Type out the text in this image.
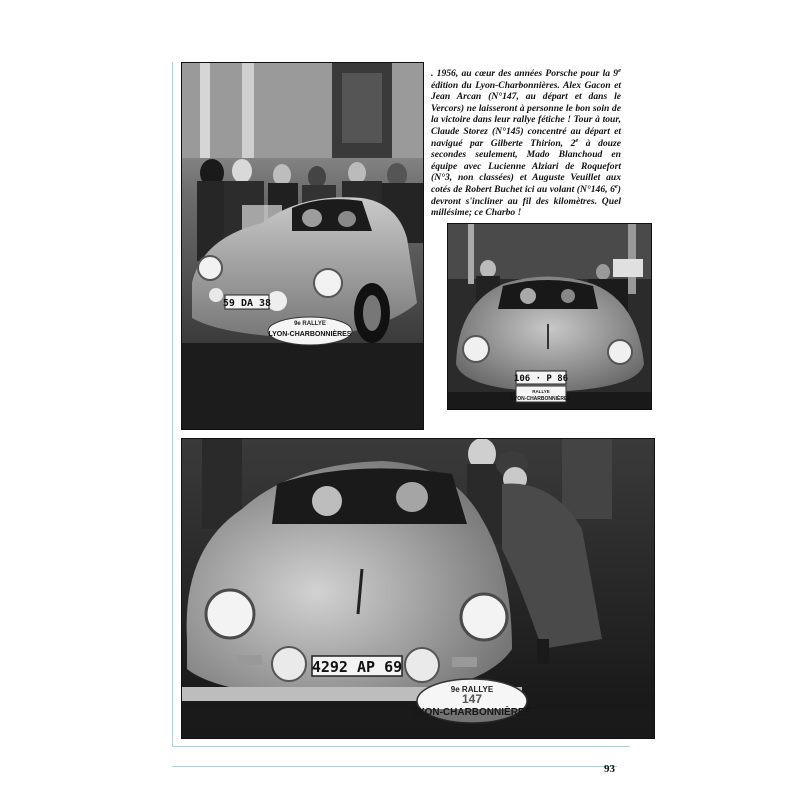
59 DA 38
9e RALLYE
LYON-CHARBONNIÈRES
106 · P 86
RALLYE
LYON-CHARBONNIÈRES
4292 AP 69
9e RALLYE
147
. 1956, au cœur des années Porsche pour la 9e édition du Lyon-Charbonnières. Alex Gacon et Jean Arcan (N°147, au départ et dans le Vercors) ne laisseront à personne le bon soin de la victoire dans leur rallye fétiche ! Tour à tour, Claude Storez (N°145) concentré au départ et navigué par Gilberte Thirion, 2e à douze secondes seulement, Mado Blanchoud en équipe avec Lucienne Alziari de Roquefort (N°3, non classées) et Auguste Veuillet aux cotés de Robert Buchet ici au volant (N°146, 6e) devront s'incliner au fil des kilomètres. Quel millésime; ce Charbo !
93
